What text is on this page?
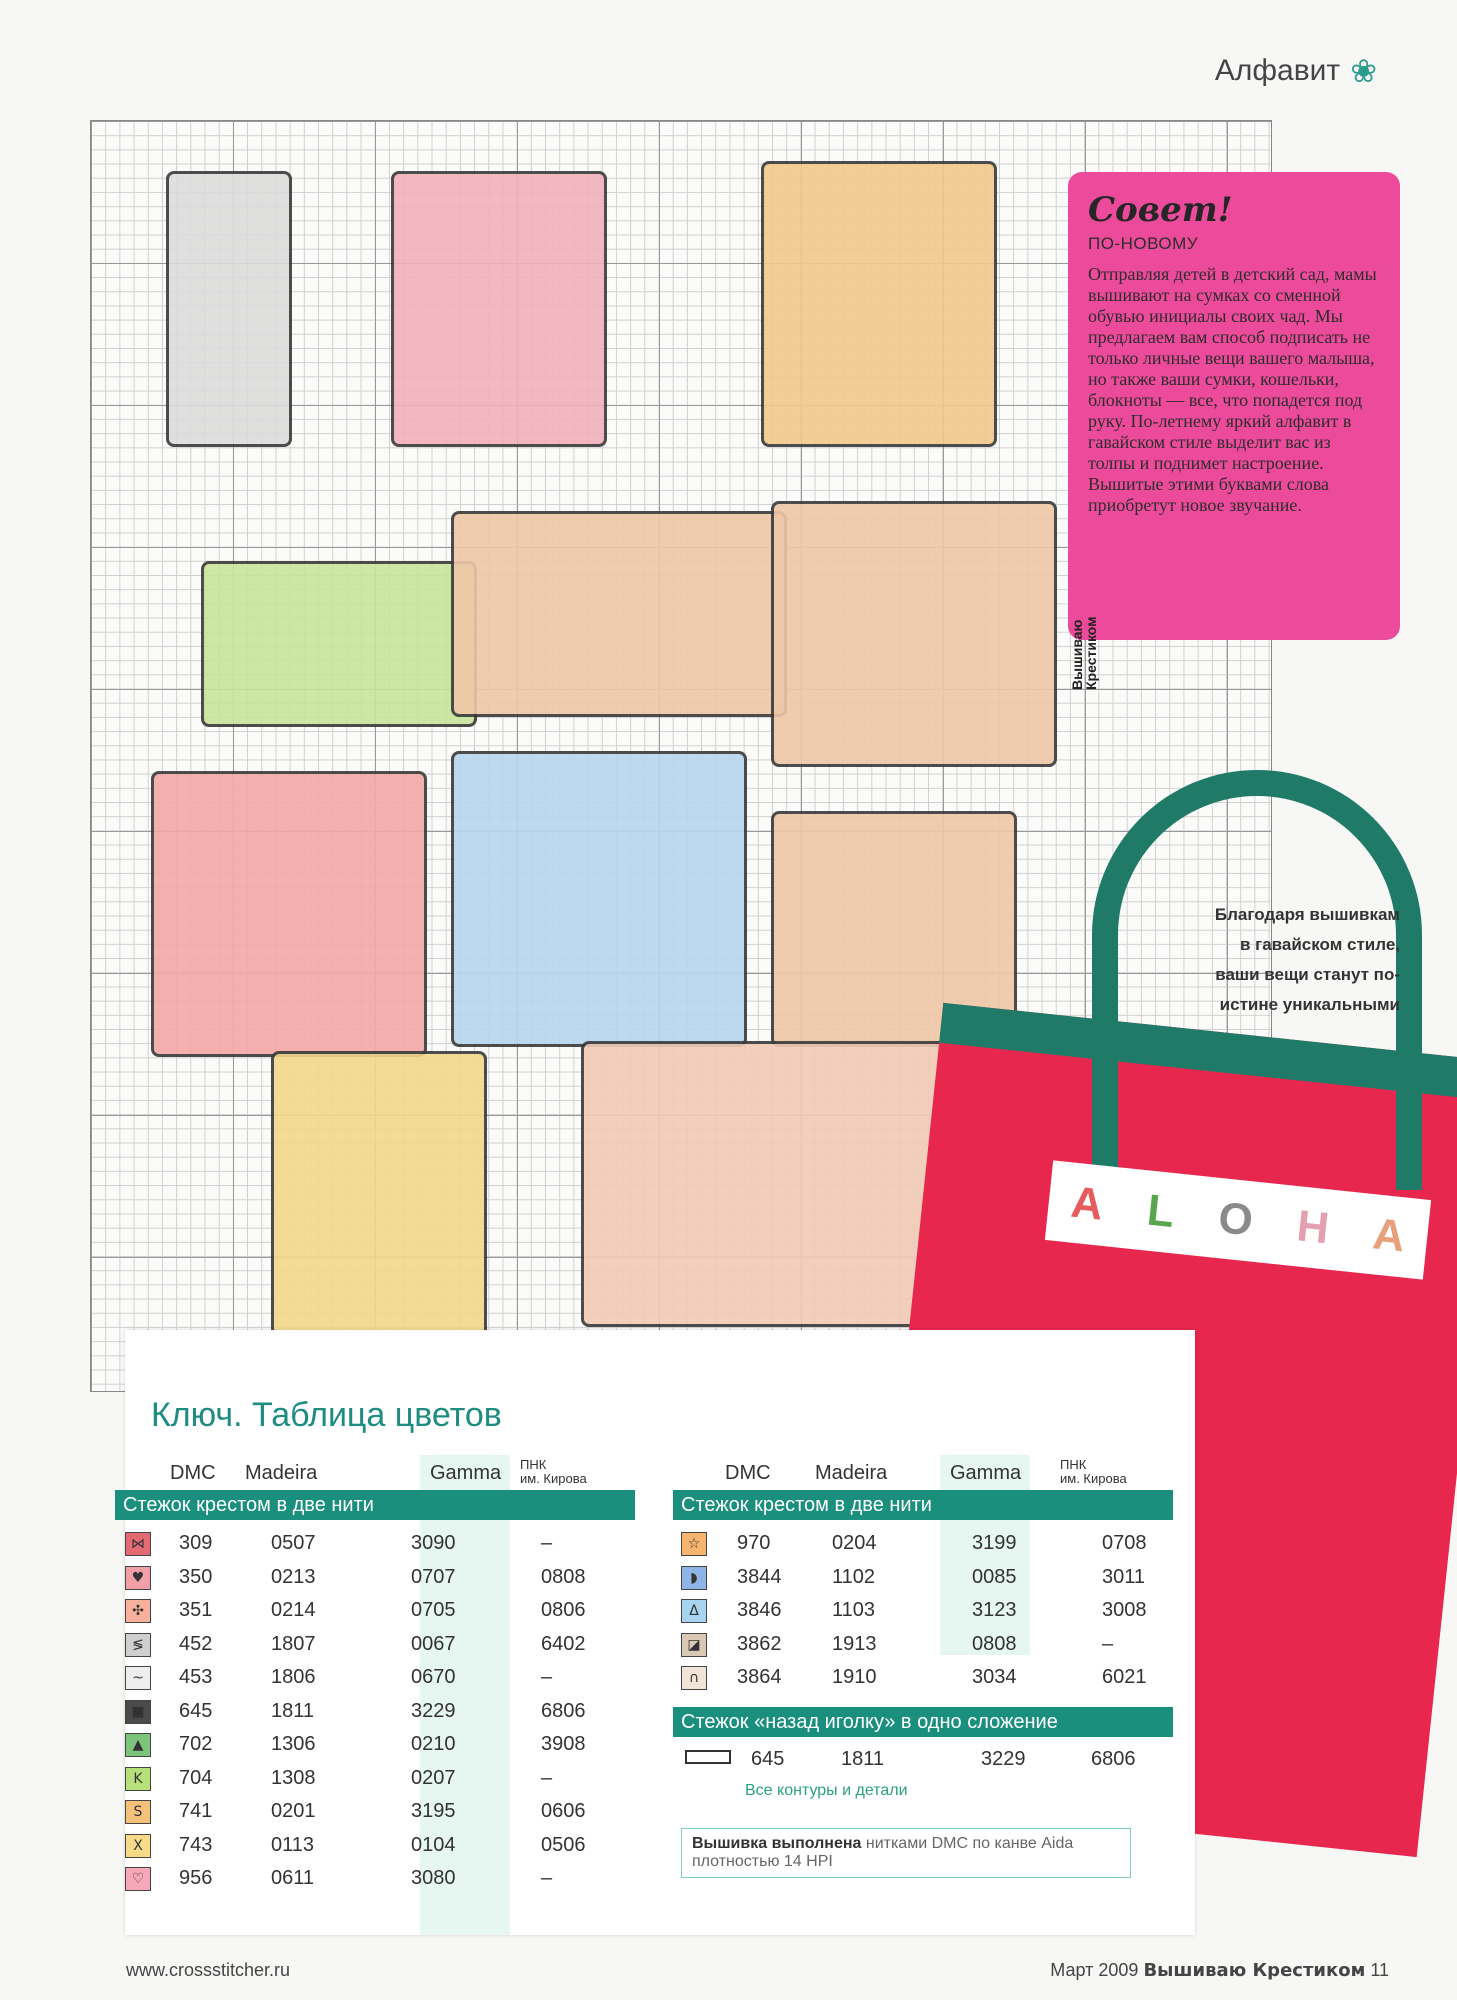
Алфавит ❀
Совет!
ПО-НОВОМУ
Отправляя детей в детский сад, мамы вышивают на сумках со сменной обувью инициалы своих чад. Мы предлагаем вам способ подписать не только личные вещи вашего малыша, но также ваши сумки, кошельки, блокноты — все, что попадется под руку. По-летнему яркий алфавит в гавайском стиле выделит вас из толпы и поднимет настроение. Вышитые этими буквами слова приобретут новое звучание.
Вышиваю
Крестиком
A L O H A
Благодаря вышивкам
в гавайском стиле,
ваши вещи станут по-
истине уникальными
Ключ. Таблица цветов
DMC Madeira	Gamma ПНК
им. Кирова
Стежок крестом в две нити
⋈	309	0507	3090	–
♥	350	0213	0707	0808
✣	351	0214	0705	0806
≶	452	1807	0067	6402
~	453	1806	0670	–
■	645	1811	3229	6806
▲	702	1306	0210	3908
K	704	1308	0207	–
S	741	0201	3195	0606
X	743	0113	0104	0506
♡	956	0611	3080	–
DMC Madeira	Gamma	ПНК
им. Кирова
Стежок крестом в две нити
☆	970	0204	3199	0708
◗	3844	1102	0085	3011
Δ	3846	1103	3123	3008
◪	3862	1913	0808	–
∩	3864	1910	3034	6021
Стежок «назад иголку» в одно сложение
645	1811	3229	6806
Все контуры и детали
Вышивка выполнена нитками DMC по канве Aida плотностью 14 HPI
www.crossstitcher.ru	Март 2009 Вышиваю Крестиком 11
